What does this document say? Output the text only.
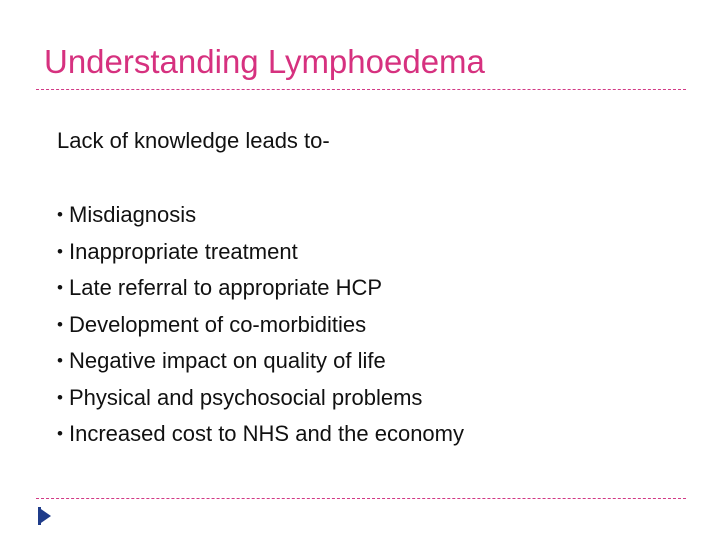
Understanding Lymphoedema

Lack of knowledge leads to-

• Misdiagnosis
• Inappropriate treatment
• Late referral to appropriate HCP
• Development of co-morbidities
• Negative impact on quality of life
• Physical and psychosocial problems
• Increased cost to NHS and the economy
